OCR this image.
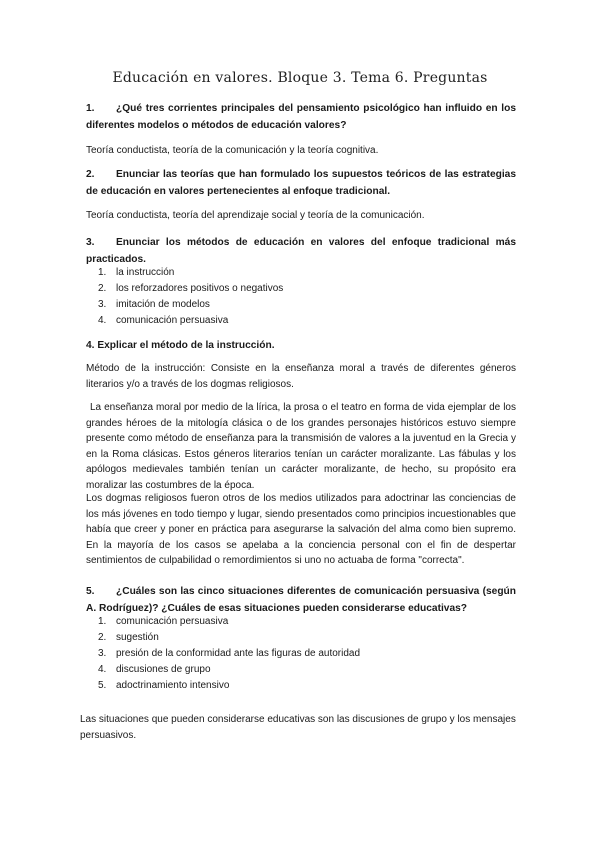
Educación en valores. Bloque 3. Tema 6. Preguntas
1. ¿Qué tres corrientes principales del pensamiento psicológico han influido en los diferentes modelos o métodos de educación valores?
Teoría conductista, teoría de la comunicación y la teoría cognitiva.
2. Enunciar las teorías que han formulado los supuestos teóricos de las estrategias de educación en valores pertenecientes al enfoque tradicional.
Teoría conductista, teoría del aprendizaje social y teoría de la comunicación.
3. Enunciar los métodos de educación en valores del enfoque tradicional más practicados.
1. la instrucción
2. los reforzadores positivos o negativos
3. imitación de modelos
4. comunicación persuasiva
4. Explicar el método de la instrucción.
Método de la instrucción: Consiste en la enseñanza moral a través de diferentes géneros literarios y/o a través de los dogmas religiosos.
La enseñanza moral por medio de la lírica, la prosa o el teatro en forma de vida ejemplar de los grandes héroes de la mitología clásica o de los grandes personajes históricos estuvo siempre presente como método de enseñanza para la transmisión de valores a la juventud en la Grecia y en la Roma clásicas. Estos géneros literarios tenían un carácter moralizante. Las fábulas y los apólogos medievales también tenían un carácter moralizante, de hecho, su propósito era moralizar las costumbres de la época.
Los dogmas religiosos fueron otros de los medios utilizados para adoctrinar las conciencias de los más jóvenes en todo tiempo y lugar, siendo presentados como principios incuestionables que había que creer y poner en práctica para asegurarse la salvación del alma como bien supremo. En la mayoría de los casos se apelaba a la conciencia personal con el fin de despertar sentimientos de culpabilidad o remordimientos si uno no actuaba de forma "correcta".
5. ¿Cuáles son las cinco situaciones diferentes de comunicación persuasiva (según A. Rodríguez)? ¿Cuáles de esas situaciones pueden considerarse educativas?
1. comunicación persuasiva
2. sugestión
3. presión de la conformidad ante las figuras de autoridad
4. discusiones de grupo
5. adoctrinamiento intensivo
Las situaciones que pueden considerarse educativas son las discusiones de grupo y los mensajes persuasivos.
